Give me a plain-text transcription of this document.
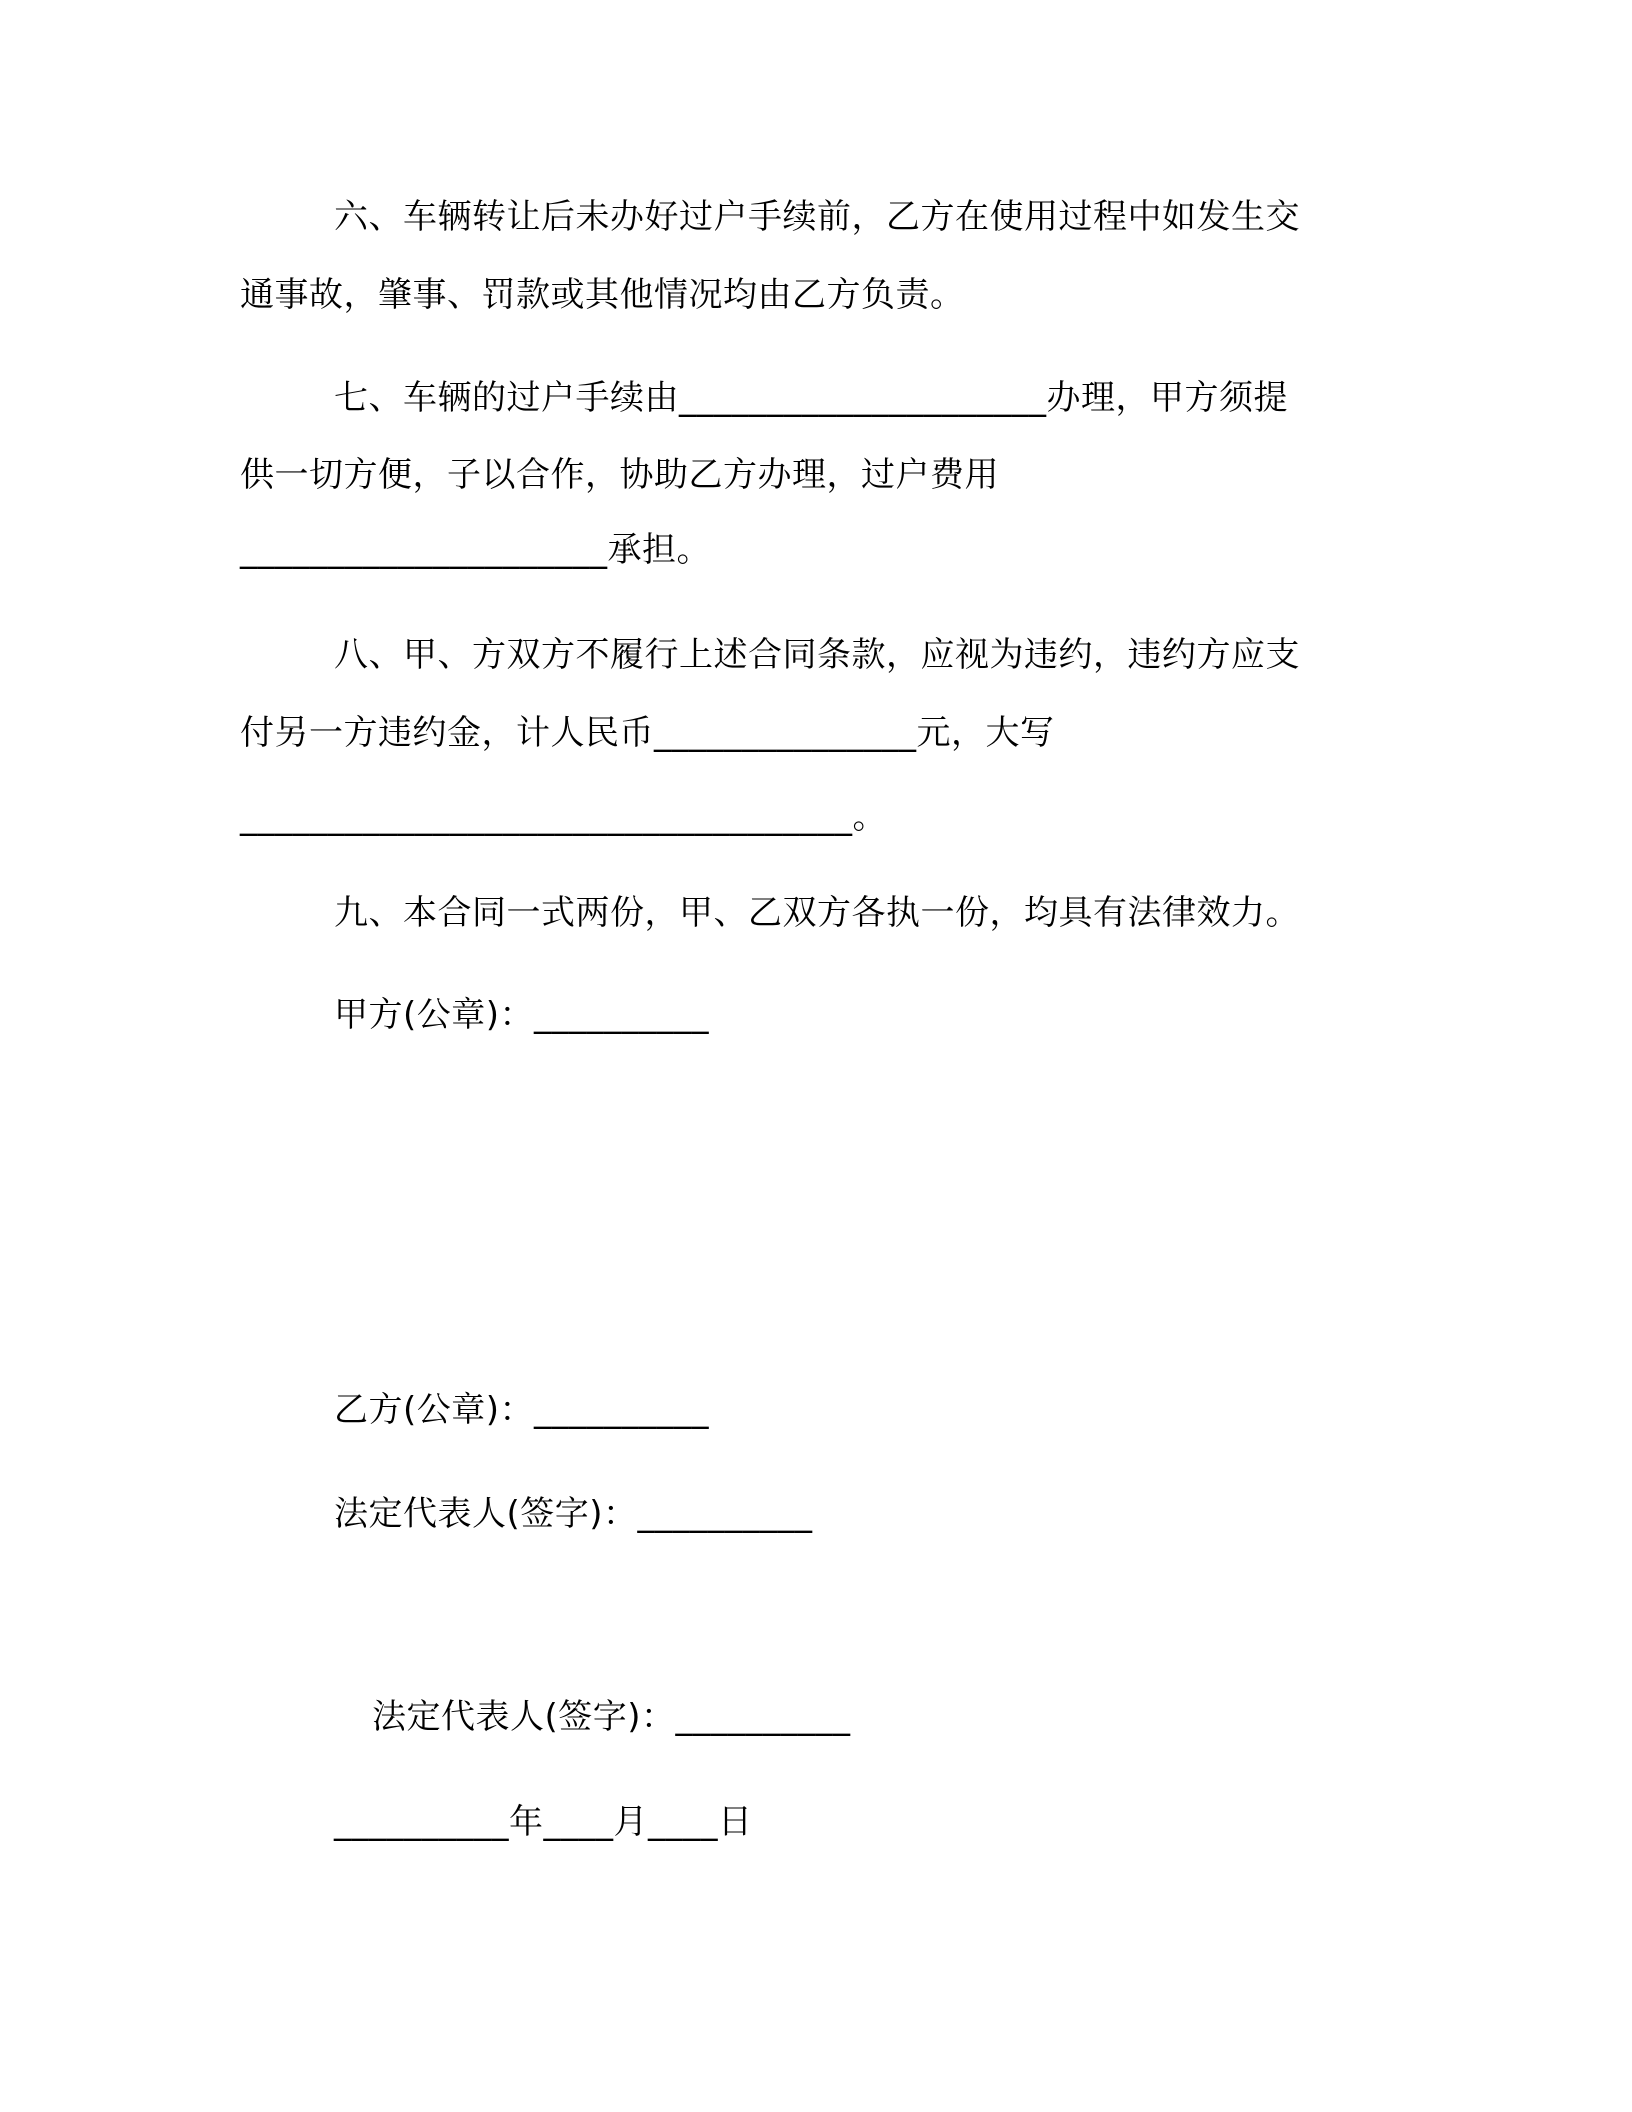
六、车辆转让后未办好过户手续前，乙方在使用过程中如发生交
通事故，肇事、罚款或其他情况均由乙方负责。
七、车辆的过户手续由_____________________办理，甲方须提
供一切方便，子以合作，协助乙方办理，过户费用
_____________________承担。
八、甲、方双方不履行上述合同条款，应视为违约，违约方应支
付另一方违约金，计人民币_______________元，大写
___________________________________。
九、本合同一式两份，甲、乙双方各执一份，均具有法律效力。
甲方(公章)：__________
乙方(公章)：__________
法定代表人(签字)：__________
法定代表人(签字)：__________
__________年____月____日
